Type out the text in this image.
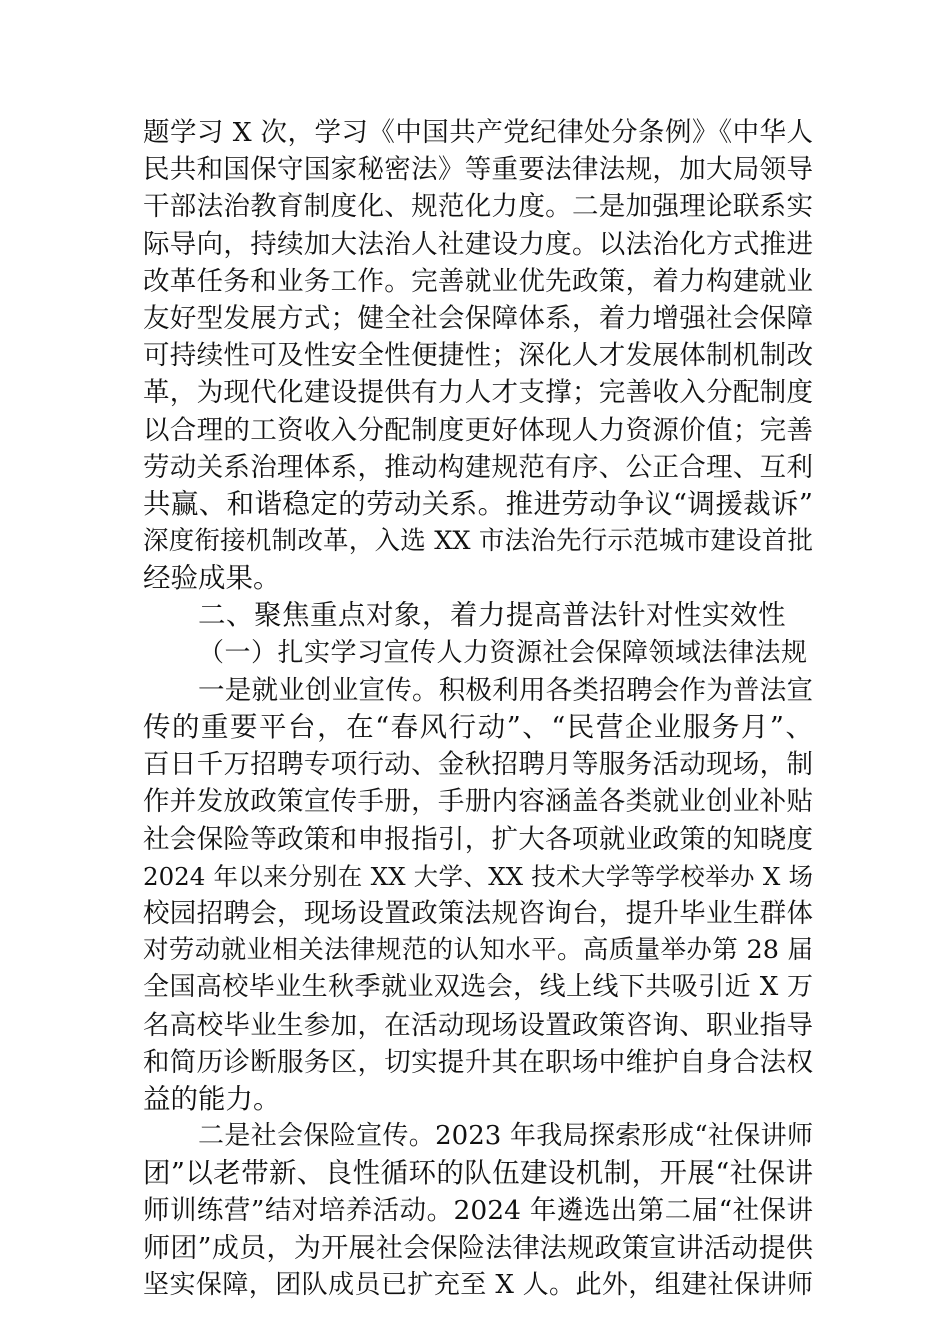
题学习 X 次，学习《中国共产党纪律处分条例》《中华人
民共和国保守国家秘密法》等重要法律法规，加大局领导
干部法治教育制度化、规范化力度。二是加强理论联系实
际导向，持续加大法治人社建设力度。以法治化方式推进
改革任务和业务工作。完善就业优先政策，着力构建就业
友好型发展方式；健全社会保障体系，着力增强社会保障
可持续性可及性安全性便捷性；深化人才发展体制机制改
革，为现代化建设提供有力人才支撑；完善收入分配制度
以合理的工资收入分配制度更好体现人力资源价值；完善
劳动关系治理体系，推动构建规范有序、公正合理、互利
共赢、和谐稳定的劳动关系。推进劳动争议“调援裁诉”
深度衔接机制改革，入选 XX 市法治先行示范城市建设首批
经验成果。
二、聚焦重点对象，着力提高普法针对性实效性
（一）扎实学习宣传人力资源社会保障领域法律法规
一是就业创业宣传。积极利用各类招聘会作为普法宣
传的重要平台，在“春风行动”、“民营企业服务月”、
百日千万招聘专项行动、金秋招聘月等服务活动现场，制
作并发放政策宣传手册，手册内容涵盖各类就业创业补贴
社会保险等政策和申报指引，扩大各项就业政策的知晓度
2024 年以来分别在 XX 大学、XX 技术大学等学校举办 X 场
校园招聘会，现场设置政策法规咨询台，提升毕业生群体
对劳动就业相关法律规范的认知水平。高质量举办第 28 届
全国高校毕业生秋季就业双选会，线上线下共吸引近 X 万
名高校毕业生参加，在活动现场设置政策咨询、职业指导
和简历诊断服务区，切实提升其在职场中维护自身合法权
益的能力。
二是社会保险宣传。2023 年我局探索形成“社保讲师
团”以老带新、良性循环的队伍建设机制，开展“社保讲
师训练营”结对培养活动。2024 年遴选出第二届“社保讲
师团”成员，为开展社会保险法律法规政策宣讲活动提供
坚实保障，团队成员已扩充至 X 人。此外，组建社保讲师
